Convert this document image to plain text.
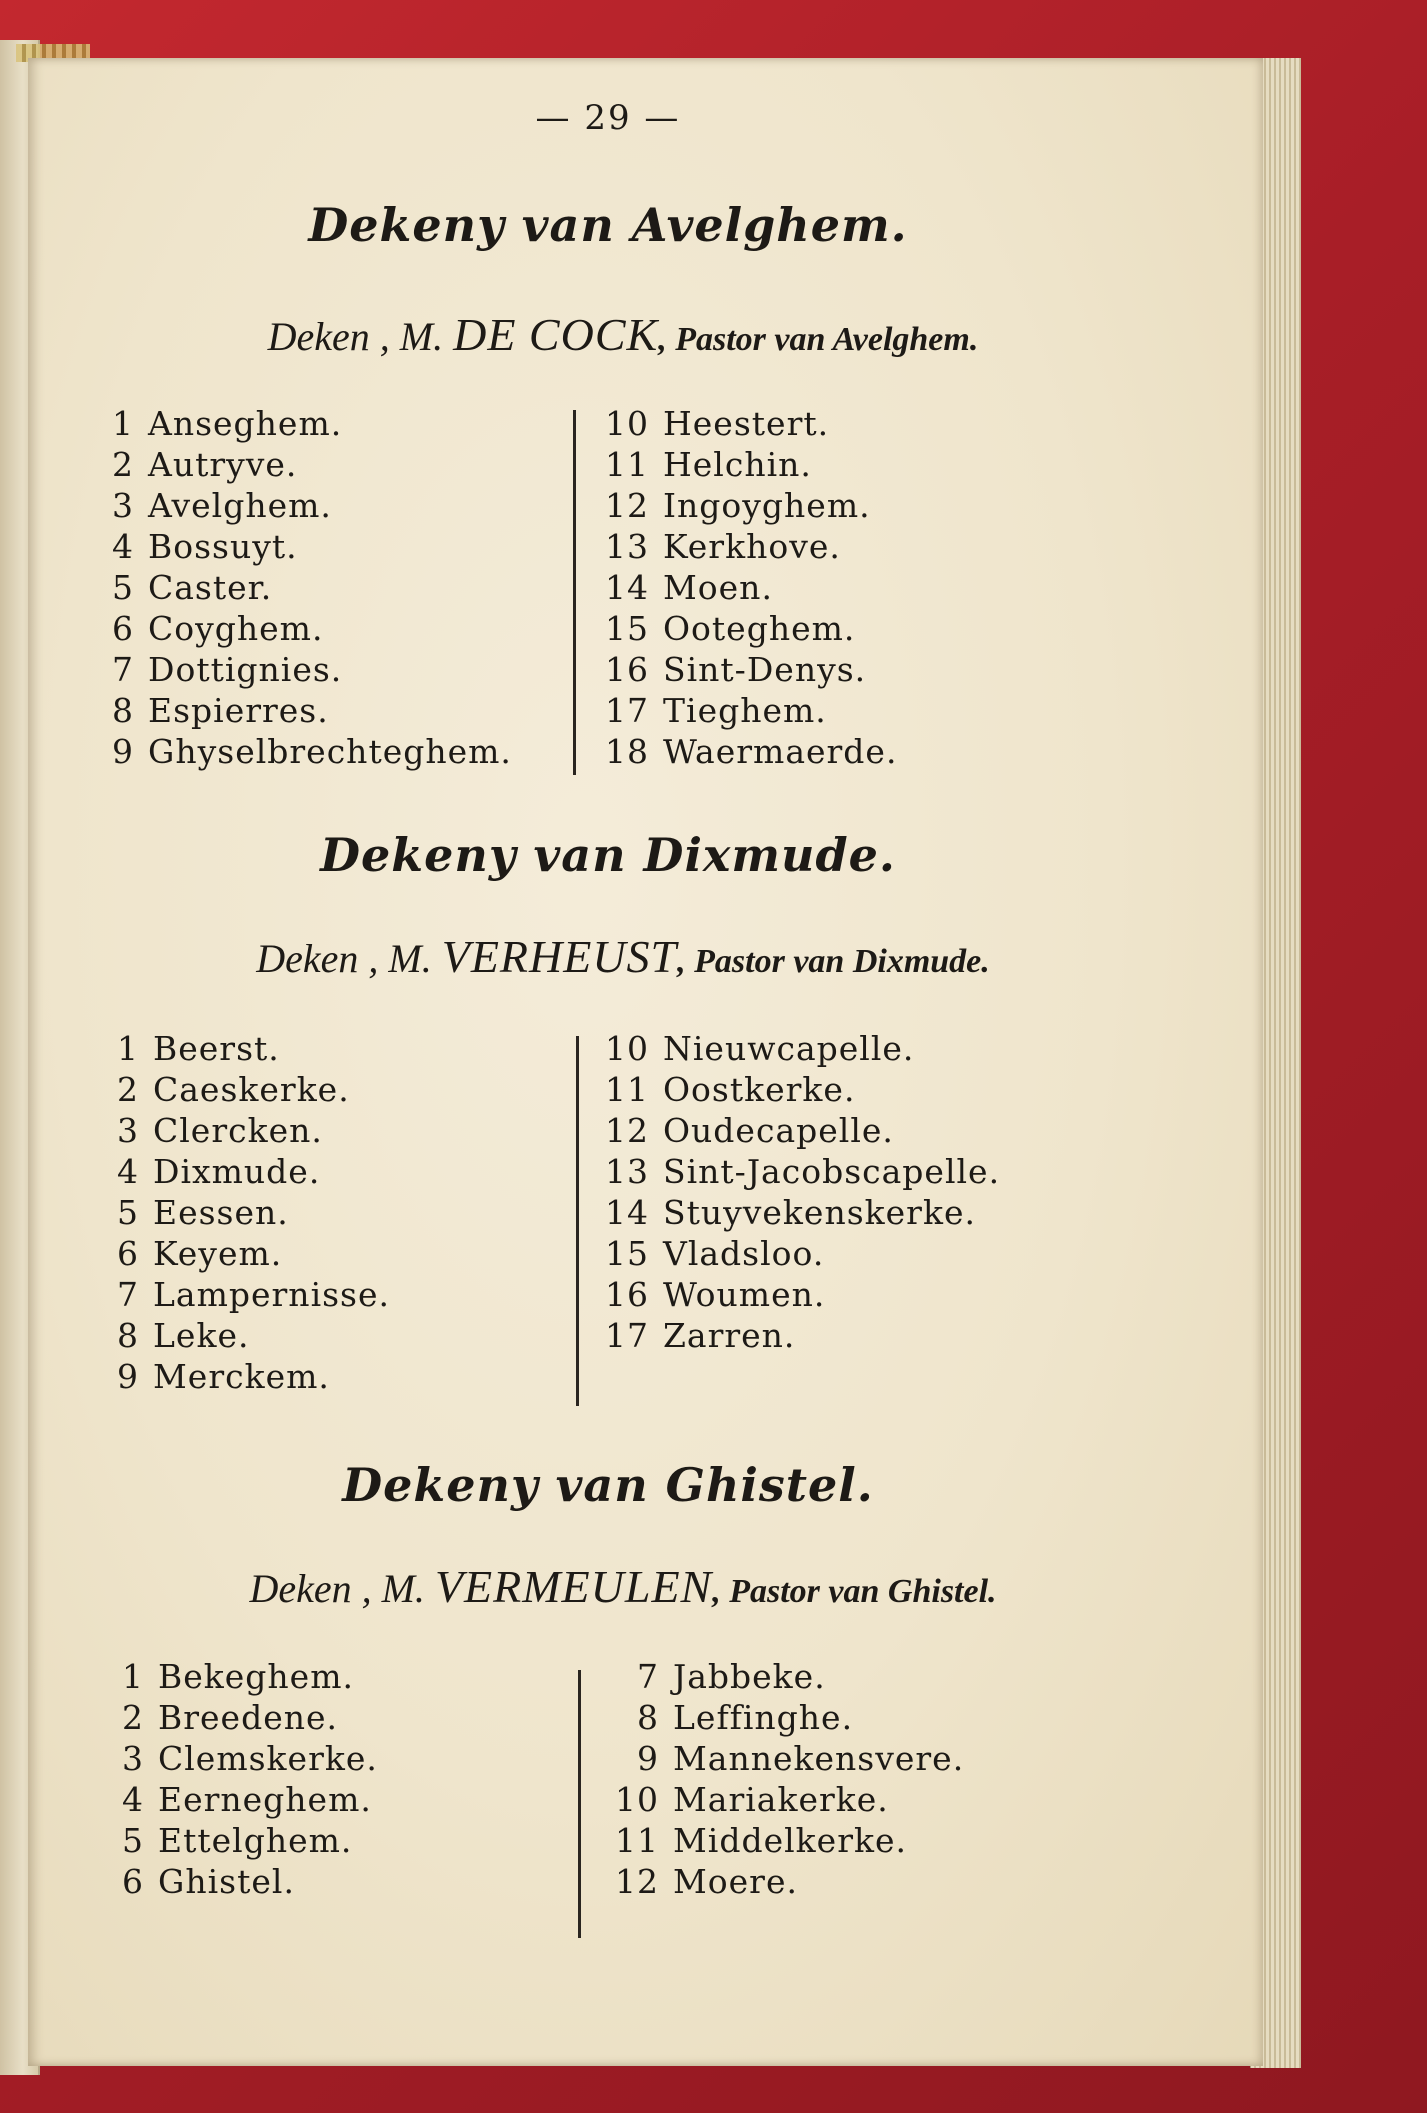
— 29 —
Dekeny van Avelghem.
Deken , M. DE COCK, Pastor van Avelghem.
1 Anseghem.
2 Autryve.
3 Avelghem.
4 Bossuyt.
5 Caster.
6 Coyghem.
7 Dottignies.
8 Espierres.
9 Ghyselbrechteghem.
10 Heestert.
11 Helchin.
12 Ingoyghem.
13 Kerkhove.
14 Moen.
15 Ooteghem.
16 Sint-Denys.
17 Tieghem.
18 Waermaerde.
Dekeny van Dixmude.
Deken , M. VERHEUST, Pastor van Dixmude.
1 Beerst.
2 Caeskerke.
3 Clercken.
4 Dixmude.
5 Eessen.
6 Keyem.
7 Lampernisse.
8 Leke.
9 Merckem.
10 Nieuwcapelle.
11 Oostkerke.
12 Oudecapelle.
13 Sint-Jacobscapelle.
14 Stuyvekenskerke.
15 Vladsloo.
16 Woumen.
17 Zarren.
Dekeny van Ghistel.
Deken , M. VERMEULEN, Pastor van Ghistel.
1 Bekeghem.
2 Breedene.
3 Clemskerke.
4 Eerneghem.
5 Ettelghem.
6 Ghistel.
7 Jabbeke.
8 Leffinghe.
9 Mannekensvere.
10 Mariakerke.
11 Middelkerke.
12 Moere.
